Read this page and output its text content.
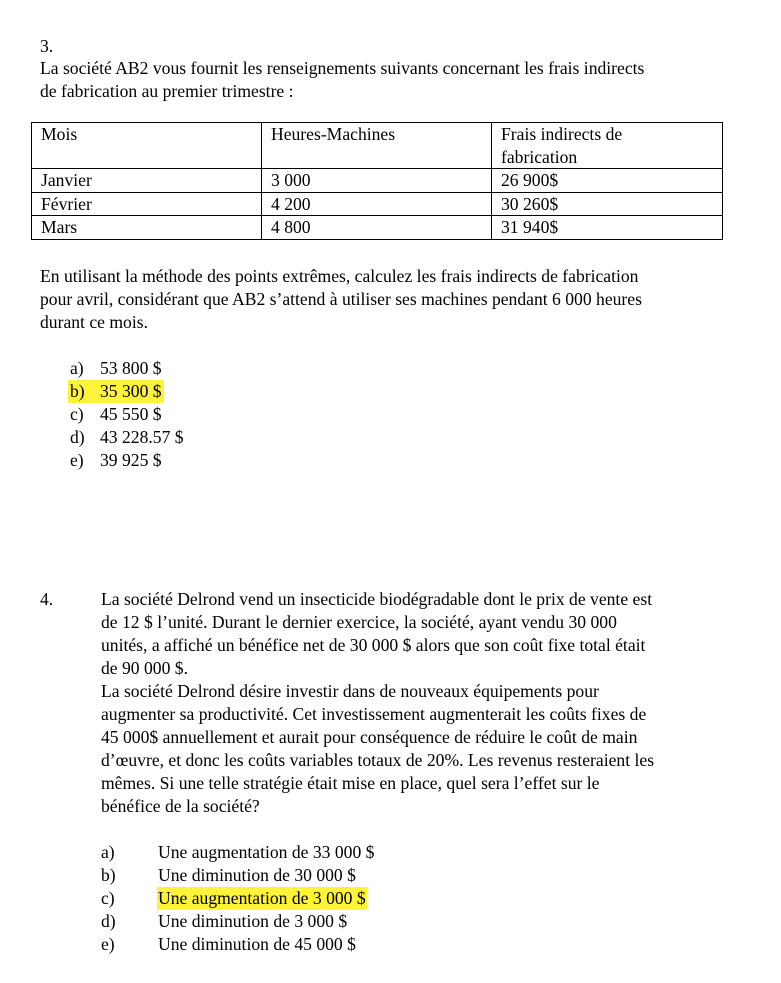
3.
La société AB2 vous fournit les renseignements suivants concernant les frais indirects
de fabrication au premier trimestre :
Mois	Heures-Machines	Frais indirects de
fabrication
Janvier	3 000	26 900$
Février	4 200	30 260$
Mars	4 800	31 940$
En utilisant la méthode des points extrêmes, calculez les frais indirects de fabrication
pour avril, considérant que AB2 s’attend à utiliser ses machines pendant 6 000 heures
durant ce mois.
a) 53 800 $
b) 35 300 $
c) 45 550 $
d) 43 228.57 $
e) 39 925 $
4.	La société Delrond vend un insecticide biodégradable dont le prix de vente est
de 12 $ l’unité. Durant le dernier exercice, la société, ayant vendu 30 000
unités, a affiché un bénéfice net de 30 000 $ alors que son coût fixe total était
de 90 000 $.
La société Delrond désire investir dans de nouveaux équipements pour
augmenter sa productivité. Cet investissement augmenterait les coûts fixes de
45 000$ annuellement et aurait pour conséquence de réduire le coût de main
d’œuvre, et donc les coûts variables totaux de 20%. Les revenus resteraient les
mêmes. Si une telle stratégie était mise en place, quel sera l’effet sur le
bénéfice de la société?
a) Une augmentation de 33 000 $
b) Une diminution de 30 000 $
c) Une augmentation de 3 000 $
d) Une diminution de 3 000 $
e) Une diminution de 45 000 $
